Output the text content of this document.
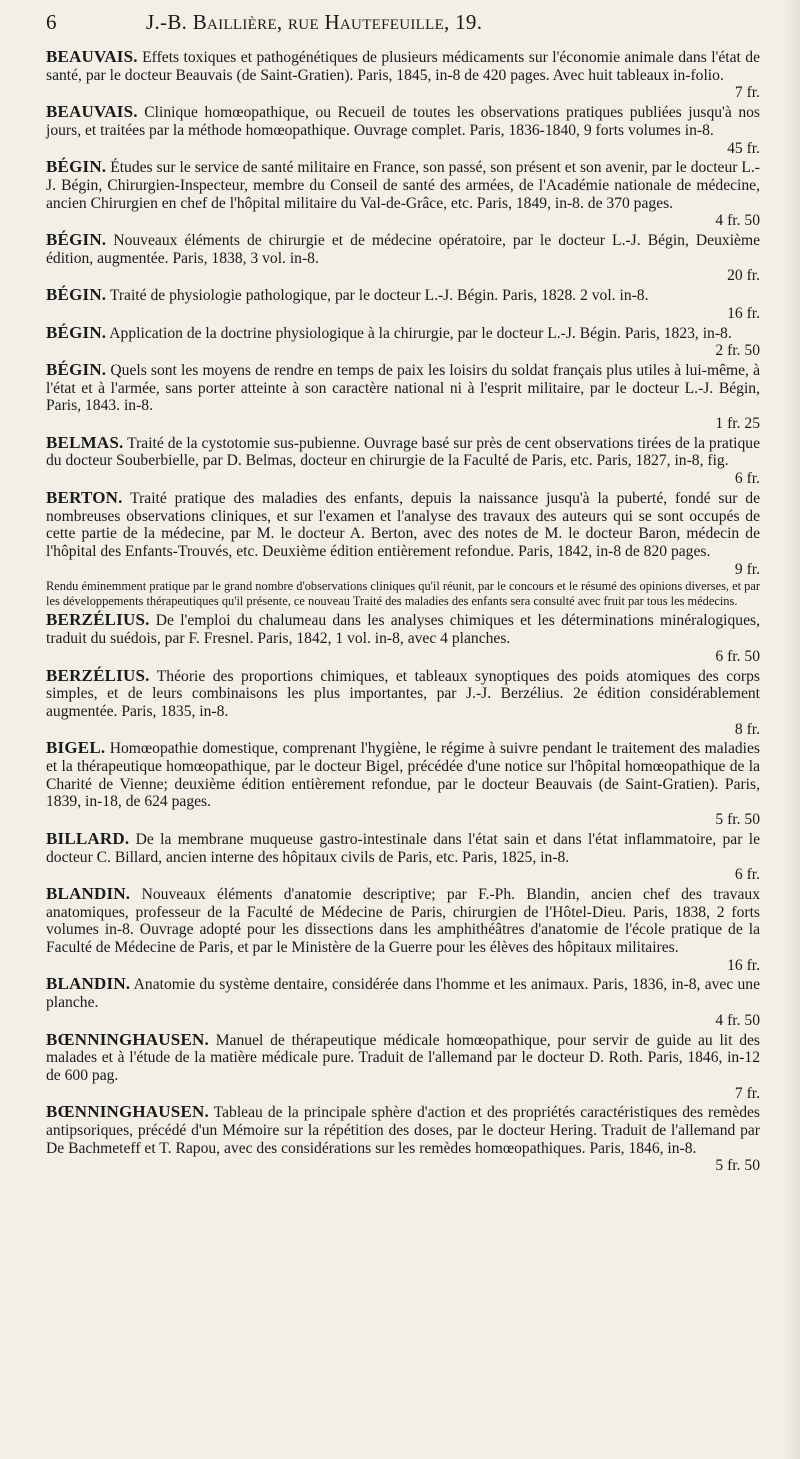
6	J.-B. Baillière, rue Hautefeuille, 19.

BEAUVAIS. Effets toxiques et pathogénétiques de plusieurs médicaments sur l'économie animale dans l'état de santé, par le docteur Beauvais (de Saint-Gratien). Paris, 1845, in-8 de 420 pages. Avec huit tableaux in-folio.
7 fr.

BEAUVAIS. Clinique homœopathique, ou Recueil de toutes les observations pratiques publiées jusqu'à nos jours, et traitées par la méthode homœopathique. Ouvrage complet. Paris, 1836-1840, 9 forts volumes in-8.
45 fr.

BÉGIN. Études sur le service de santé militaire en France, son passé, son présent et son avenir, par le docteur L.-J. Bégin, Chirurgien-Inspecteur, membre du Conseil de santé des armées, de l'Académie nationale de médecine, ancien Chirurgien en chef de l'hôpital militaire du Val-de-Grâce, etc. Paris, 1849, in-8. de 370 pages.
4 fr. 50

BÉGIN. Nouveaux éléments de chirurgie et de médecine opératoire, par le docteur L.-J. Bégin, Deuxième édition, augmentée. Paris, 1838, 3 vol. in-8.
20 fr.

BÉGIN. Traité de physiologie pathologique, par le docteur L.-J. Bégin. Paris, 1828. 2 vol. in-8.
16 fr.

BÉGIN. Application de la doctrine physiologique à la chirurgie, par le docteur L.-J. Bégin. Paris, 1823, in-8.
2 fr. 50

BÉGIN. Quels sont les moyens de rendre en temps de paix les loisirs du soldat français plus utiles à lui-même, à l'état et à l'armée, sans porter atteinte à son caractère national ni à l'esprit militaire, par le docteur L.-J. Bégin, Paris, 1843. in-8.
1 fr. 25

BELMAS. Traité de la cystotomie sus-pubienne. Ouvrage basé sur près de cent observations tirées de la pratique du docteur Souberbielle, par D. Belmas, docteur en chirurgie de la Faculté de Paris, etc. Paris, 1827, in-8, fig.
6 fr.

BERTON. Traité pratique des maladies des enfants, depuis la naissance jusqu'à la puberté, fondé sur de nombreuses observations cliniques, et sur l'examen et l'analyse des travaux des auteurs qui se sont occupés de cette partie de la médecine, par M. le docteur A. Berton, avec des notes de M. le docteur Baron, médecin de l'hôpital des Enfants-Trouvés, etc. Deuxième édition entièrement refondue. Paris, 1842, in-8 de 820 pages.
9 fr.

Rendu éminemment pratique par le grand nombre d'observations cliniques qu'il réunit, par le concours et le résumé des opinions diverses, et par les développements thérapeutiques qu'il présente, ce nouveau Traité des maladies des enfants sera consulté avec fruit par tous les médecins.

BERZÉLIUS. De l'emploi du chalumeau dans les analyses chimiques et les déterminations minéralogiques, traduit du suédois, par F. Fresnel. Paris, 1842, 1 vol. in-8, avec 4 planches.
6 fr. 50

BERZÉLIUS. Théorie des proportions chimiques, et tableaux synoptiques des poids atomiques des corps simples, et de leurs combinaisons les plus importantes, par J.-J. Berzélius. 2e édition considérablement augmentée. Paris, 1835, in-8.
8 fr.

BIGEL. Homœopathie domestique, comprenant l'hygiène, le régime à suivre pendant le traitement des maladies et la thérapeutique homœopathique, par le docteur Bigel, précédée d'une notice sur l'hôpital homœopathique de la Charité de Vienne; deuxième édition entièrement refondue, par le docteur Beauvais (de Saint-Gratien). Paris, 1839, in-18, de 624 pages.
5 fr. 50

BILLARD. De la membrane muqueuse gastro-intestinale dans l'état sain et dans l'état inflammatoire, par le docteur C. Billard, ancien interne des hôpitaux civils de Paris, etc. Paris, 1825, in-8.
6 fr.

BLANDIN. Nouveaux éléments d'anatomie descriptive; par F.-Ph. Blandin, ancien chef des travaux anatomiques, professeur de la Faculté de Médecine de Paris, chirurgien de l'Hôtel-Dieu. Paris, 1838, 2 forts volumes in-8. Ouvrage adopté pour les dissections dans les amphithéâtres d'anatomie de l'école pratique de la Faculté de Médecine de Paris, et par le Ministère de la Guerre pour les élèves des hôpitaux militaires.
16 fr.

BLANDIN. Anatomie du système dentaire, considérée dans l'homme et les animaux. Paris, 1836, in-8, avec une planche.
4 fr. 50

BŒNNINGHAUSEN. Manuel de thérapeutique médicale homœopathique, pour servir de guide au lit des malades et à l'étude de la matière médicale pure. Traduit de l'allemand par le docteur D. Roth. Paris, 1846, in-12 de 600 pag.
7 fr.

BŒNNINGHAUSEN. Tableau de la principale sphère d'action et des propriétés caractéristiques des remèdes antipsoriques, précédé d'un Mémoire sur la répétition des doses, par le docteur Hering. Traduit de l'allemand par De Bachmeteff et T. Rapou, avec des considérations sur les remèdes homœopathiques. Paris, 1846, in-8.
5 fr. 50
